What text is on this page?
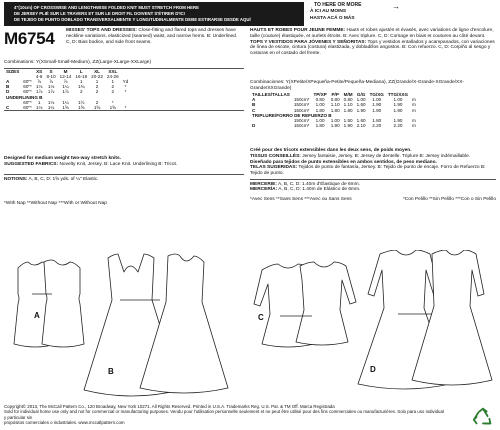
4"(10cm) OF CROSSWISE AND LENGTHWISE FOLDED KNIT MUST STRETCH FROM HERE
DE JERSEY PLIÉ SUR LE TRAVERS ET SUR LE DROIT FIL DOIVENT S'ÉTIRER D'ICI
DE TEJIDO DE PUNTO DOBLADO TRANSVERSALMENTE Y LONGITUDINALMENTE DEBE ESTIRARSE DESDE AQUÍ
TO HERE OR MORE
À ICI AU MOINS
HASTA ACÁ O MÁS
→
M6754 MISSES' TOPS AND DRESSES: Close-fitting and flared tops and dresses have neckline variations, elasticized (seamed) waist, and narrow hems. B: Underlined. C, D: Bias bodice, and side front seams.
HAUTS ET ROBES POUR JEUNE FEMME: Hauts et robes ajustés et évasés, avec variations de ligne d'encolure, taille (couture) élastiquée, et ourlets étroits. B: Avec triplure. C, D: Corsage en biais et coutures au côté devant.
TOPS Y VESTIDOS PARA JÓVENES Y SEÑORITAS: Tops y vestidos entallados y acampanados, con variaciones de línea de escote, cintura (costura) elastizada, y dobladillos angostos. B: Con refuerzo. C, D: Corpiño al sesgo y costuras en el costado del frente.
Combinations: Y(XSmall-Small-Medium), ZZ(Large-XLarge-XXLarge)
Combinaciones: Y(XPetite/XPequeña-Petite/Pequeña-Mediana), ZZ(Grande/X-Grande-XGrande/XX-Grande/XXGrande)
SIZES		XS	S	M	L	XL	XXL	
		4-6	8-10	12-14	16-18	20-22	24-26	
A	60"*	⅞	⅞	⅞	1	1	1	Yd
B	60"*	1⅛	1⅛	1¼	1¾	2	2	*
D	60"*	1⅞	1⅞	1⅞	2	2	2	*
UNDERLINING B								
	60"*	1	1⅛	1¼	1½	2	*	
C	60"*	1⅛	1¼	1⅝	1⅝	1⅝	1⅝	*
TAILLES/TALLAS		TP/XP	P/P	M/M	G/G	TG/XG	TTG/XXG	
A	150cm*	0.80	0.80	0.80	1.00	1.00	1.00	m
B	150cm*	1.00	1.10	1.10	1.60	1.90	1.90	m
C	150cm*	1.80	1.80	1.80	1.90	1.90	1.90	m
TRIPLURE/FORRO DE REFUERZO B								
	150cm*	1.00	1.00	1.50	1.60	1.80	1.90	m
D	150cm*	1.80	1.90	1.90	2.10	2.20	2.20	m
Designed for medium weight two-way stretch knits.
SUGGESTED FABRICS: Novelty Knit, Jersey. B: Lace Knit. Underlining B: Tricot.
NOTIONS: A, B, C, D: 1⅝ yds. of ¼" Elastic.
*With Nap **Without Nap ***With or Without Nap
Créé pour des tricots extensibles dans les deux sens, de poids moyen.
TISSUS CONSEILLÉS: Jersey fantaisie, Jersey. B: Jersey de dentelle. Triplure B: Jersey indémaillable.
Diseñado para tejidos de punto extensibles en ambos sentidos, de peso mediano.
TELAS SUGERIDAS: Tejidos de punto de fantasía, Jersey. B: Tejido de punto de encaje. Forro de Refuerzo B: Tejido de punto.
MERCERIE: A, B, C, D: 1.40m d'Élastique de 6mm.
MERCERÍA: A, B, C, D: 1.40m de Elástico de 6mm.
*Avec Sens **Sans Sens ***Avec ou Sans Sens	*Con Pelillo **Sin Pelillo ***Con o Sin Pelillo
A
B
C
D
Copyright© 2013, The McCall Pattern Co., 120 Broadway, New York 10271. All Rights Reserved. Printed in U.S.A. Trademarks Reg. U.S. Pat. & TM Off. Marca Registrada
Sold for individual home use only and not for commercial or manufacturing purposes. Vendu pour l'utilisation personnelle seulement et ne peut être utilisé pour des fins commerciales ou manufacturières. Solo para uso individual y particular sin
propósitos comerciales o industriales. www.mccallpattern.com
